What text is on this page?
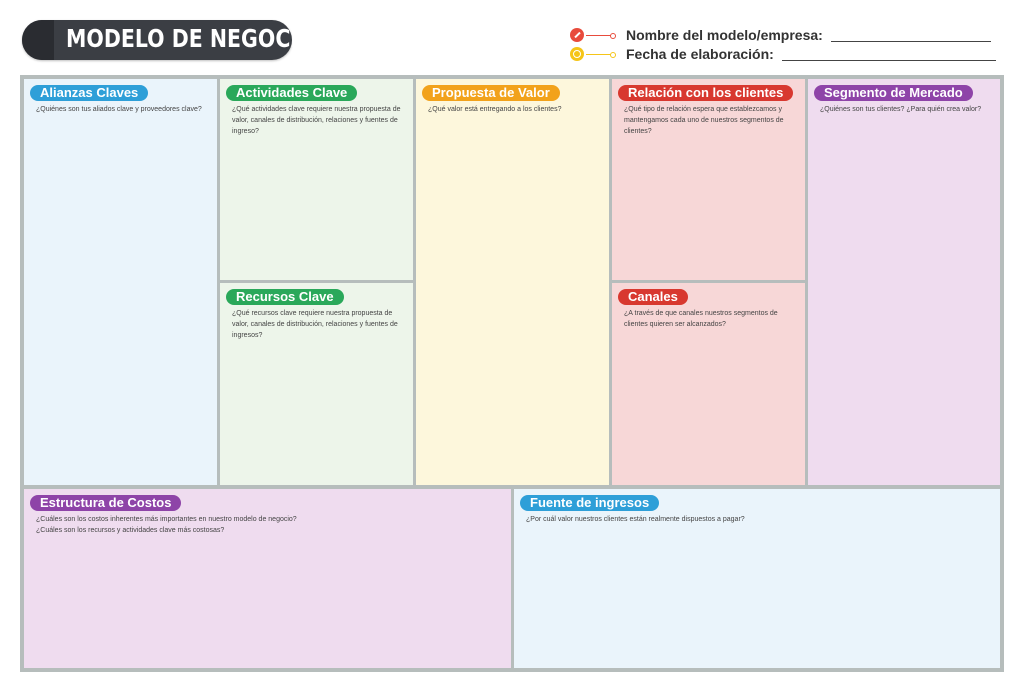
MODELO DE NEGOCIO	Nombre del modelo/empresa:
Fecha de elaboración:
Alianzas Claves
¿Quiénes son tus aliados clave y proveedores clave?
Actividades Clave
¿Qué actividades clave requiere nuestra propuesta de valor, canales de distribución, relaciones y fuentes de ingreso?
Recursos Clave
¿Qué recursos clave requiere nuestra propuesta de valor, canales de distribución, relaciones y fuentes de ingresos?
Propuesta de Valor
¿Qué valor está entregando a los clientes?
Relación con los clientes
¿Qué tipo de relación espera que establezcamos y mantengamos cada uno de nuestros segmentos de clientes?
Canales
¿A través de que canales nuestros segmentos de clientes quieren ser alcanzados?
Segmento de Mercado
¿Quiénes son tus clientes? ¿Para quién crea valor?
Estructura de Costos
¿Cuáles son los costos inherentes más importantes en nuestro modelo de negocio?
¿Cuáles son los recursos y actividades clave más costosas?
Fuente de ingresos
¿Por cuál valor nuestros clientes están realmente dispuestos a pagar?
